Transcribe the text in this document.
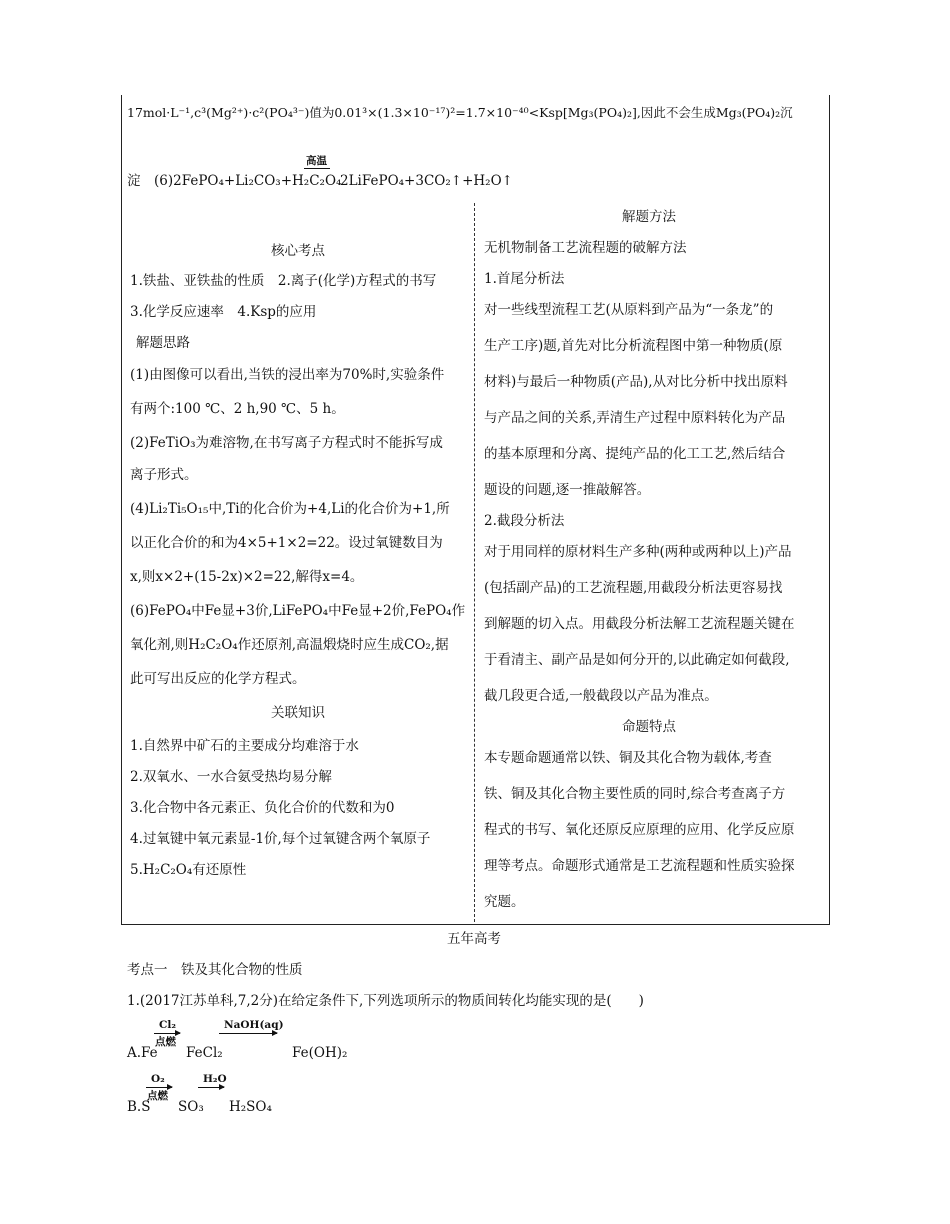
17mol·L⁻¹,c³(Mg²⁺)·c²(PO₄³⁻)值为0.01³×(1.3×10⁻¹⁷)²=1.7×10⁻⁴⁰<Ksp[Mg₃(PO₄)₂],因此不会生成Mg₃(PO₄)₂沉
淀　(6)2FePO₄+Li₂CO₃+H₂C₂O₄
高温
2LiFePO₄+3CO₂↑+H₂O↑
核心考点
1.铁盐、亚铁盐的性质　2.离子(化学)方程式的书写
3.化学反应速率　4.Ksp的应用
解题思路
(1)由图像可以看出,当铁的浸出率为70%时,实验条件
有两个:100 ℃、2 h,90 ℃、5 h。
(2)FeTiO₃为难溶物,在书写离子方程式时不能拆写成
离子形式。
(4)Li₂Ti₅O₁₅中,Ti的化合价为+4,Li的化合价为+1,所
以正化合价的和为4×5+1×2=22。设过氧键数目为
x,则x×2+(15-2x)×2=22,解得x=4。
(6)FePO₄中Fe显+3价,LiFePO₄中Fe显+2价,FePO₄作
氧化剂,则H₂C₂O₄作还原剂,高温煅烧时应生成CO₂,据
此可写出反应的化学方程式。
关联知识
1.自然界中矿石的主要成分均难溶于水
2.双氧水、一水合氨受热均易分解
3.化合物中各元素正、负化合价的代数和为0
4.过氧键中氧元素显-1价,每个过氧键含两个氧原子
5.H₂C₂O₄有还原性
解题方法
无机物制备工艺流程题的破解方法
1.首尾分析法
对一些线型流程工艺(从原料到产品为“一条龙”的
生产工序)题,首先对比分析流程图中第一种物质(原
材料)与最后一种物质(产品),从对比分析中找出原料
与产品之间的关系,弄清生产过程中原料转化为产品
的基本原理和分离、提纯产品的化工工艺,然后结合
题设的问题,逐一推敲解答。
2.截段分析法
对于用同样的原材料生产多种(两种或两种以上)产品
(包括副产品)的工艺流程题,用截段分析法更容易找
到解题的切入点。用截段分析法解工艺流程题关键在
于看清主、副产品是如何分开的,以此确定如何截段,
截几段更合适,一般截段以产品为准点。
命题特点
本专题命题通常以铁、铜及其化合物为载体,考查
铁、铜及其化合物主要性质的同时,综合考查离子方
程式的书写、氧化还原反应原理的应用、化学反应原
理等考点。命题形式通常是工艺流程题和性质实验探
究题。
五年高考
考点一　铁及其化合物的性质
1.(2017江苏单科,7,2分)在给定条件下,下列选项所示的物质间转化均能实现的是(　　)
A.Fe
Cl₂
点燃
FeCl₂
NaOH(aq)
Fe(OH)₂
B.S
O₂
点燃
SO₃
H₂O
H₂SO₄
